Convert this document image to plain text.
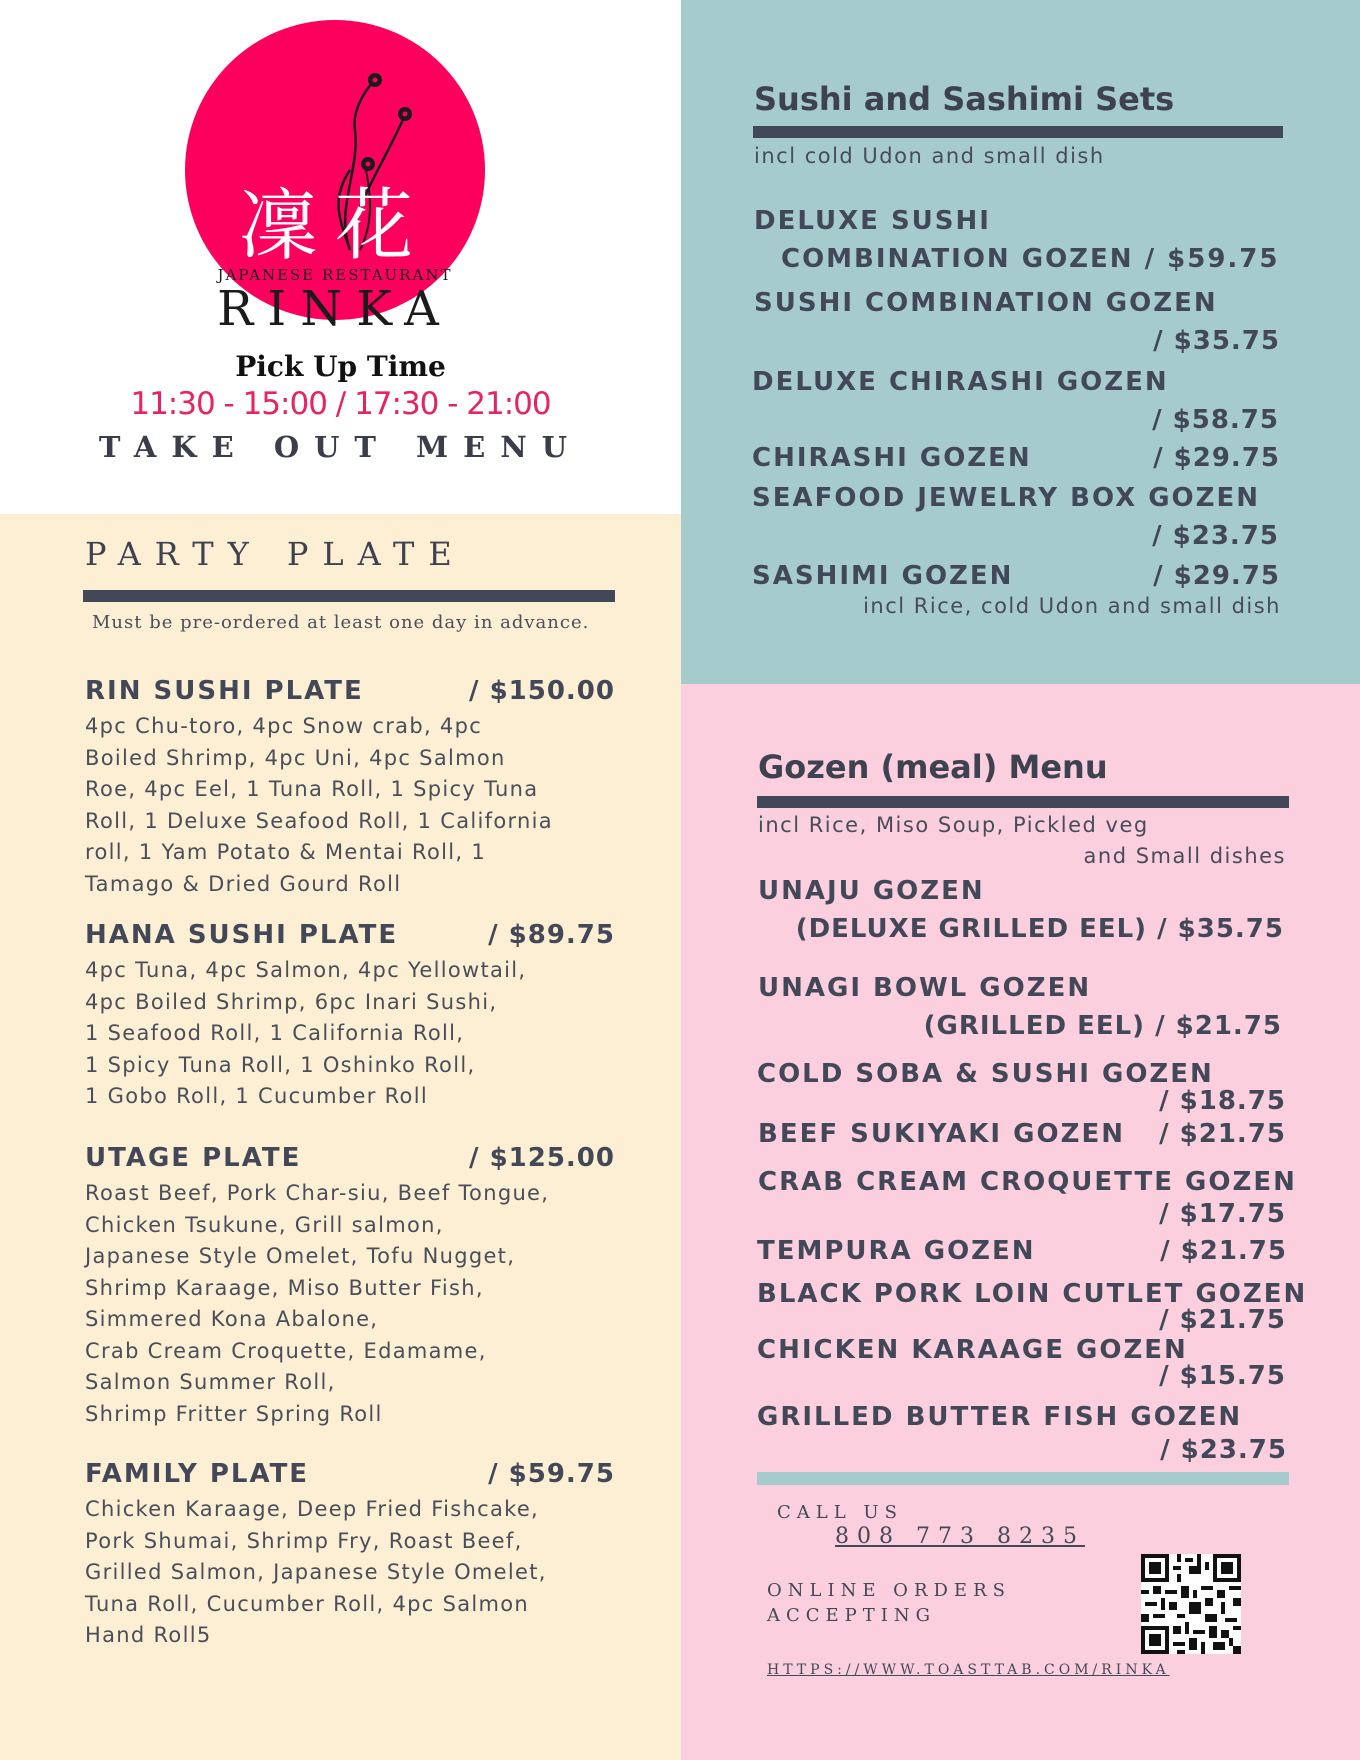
凜花
JAPANESE RESTAURANT
RINKA
Pick Up Time
11:30 - 15:00 / 17:30 - 21:00
TAKE OUT MENU
Sushi and Sashimi Sets
incl cold Udon and small dish
DELUXE SUSHI
COMBINATION GOZEN / $59.75
SUSHI COMBINATION GOZEN
/ $35.75
DELUXE CHIRASHI GOZEN
/ $58.75
CHIRASHI GOZEN	/ $29.75
SEAFOOD JEWELRY BOX GOZEN
/ $23.75
SASHIMI GOZEN	/ $29.75
incl Rice, cold Udon and small dish
PARTY PLATE
Must be pre-ordered at least one day in advance.
RIN SUSHI PLATE	/ $150.00
4pc Chu-toro, 4pc Snow crab, 4pc
Boiled Shrimp, 4pc Uni, 4pc Salmon
Roe, 4pc Eel, 1 Tuna Roll, 1 Spicy Tuna
Roll, 1 Deluxe Seafood Roll, 1 California
roll, 1 Yam Potato & Mentai Roll, 1
Tamago & Dried Gourd Roll
HANA SUSHI PLATE	/ $89.75
4pc Tuna, 4pc Salmon, 4pc Yellowtail,
4pc Boiled Shrimp, 6pc Inari Sushi,
1 Seafood Roll, 1 California Roll,
1 Spicy Tuna Roll, 1 Oshinko Roll,
1 Gobo Roll, 1 Cucumber Roll
UTAGE PLATE	/ $125.00
Roast Beef, Pork Char-siu, Beef Tongue,
Chicken Tsukune, Grill salmon,
Japanese Style Omelet, Tofu Nugget,
Shrimp Karaage, Miso Butter Fish,
Simmered Kona Abalone,
Crab Cream Croquette, Edamame,
Salmon Summer Roll,
Shrimp Fritter Spring Roll
FAMILY PLATE	/ $59.75
Chicken Karaage, Deep Fried Fishcake,
Pork Shumai, Shrimp Fry, Roast Beef,
Grilled Salmon, Japanese Style Omelet,
Tuna Roll, Cucumber Roll, 4pc Salmon
Hand Roll5
Gozen (meal) Menu
incl Rice, Miso Soup, Pickled veg
and Small dishes
UNAJU GOZEN
(DELUXE GRILLED EEL) / $35.75
UNAGI BOWL GOZEN
(GRILLED EEL) / $21.75
COLD SOBA & SUSHI GOZEN
/ $18.75
BEEF SUKIYAKI GOZEN / $21.75
CRAB CREAM CROQUETTE GOZEN
/ $17.75
TEMPURA GOZEN	/ $21.75
BLACK PORK LOIN CUTLET GOZEN
/ $21.75
CHICKEN KARAAGE GOZEN
/ $15.75
GRILLED BUTTER FISH GOZEN
/ $23.75
CALL US
808 773 8235
ONLINE ORDERS
ACCEPTING
HTTPS://WWW.TOASTTAB.COM/RINKA
